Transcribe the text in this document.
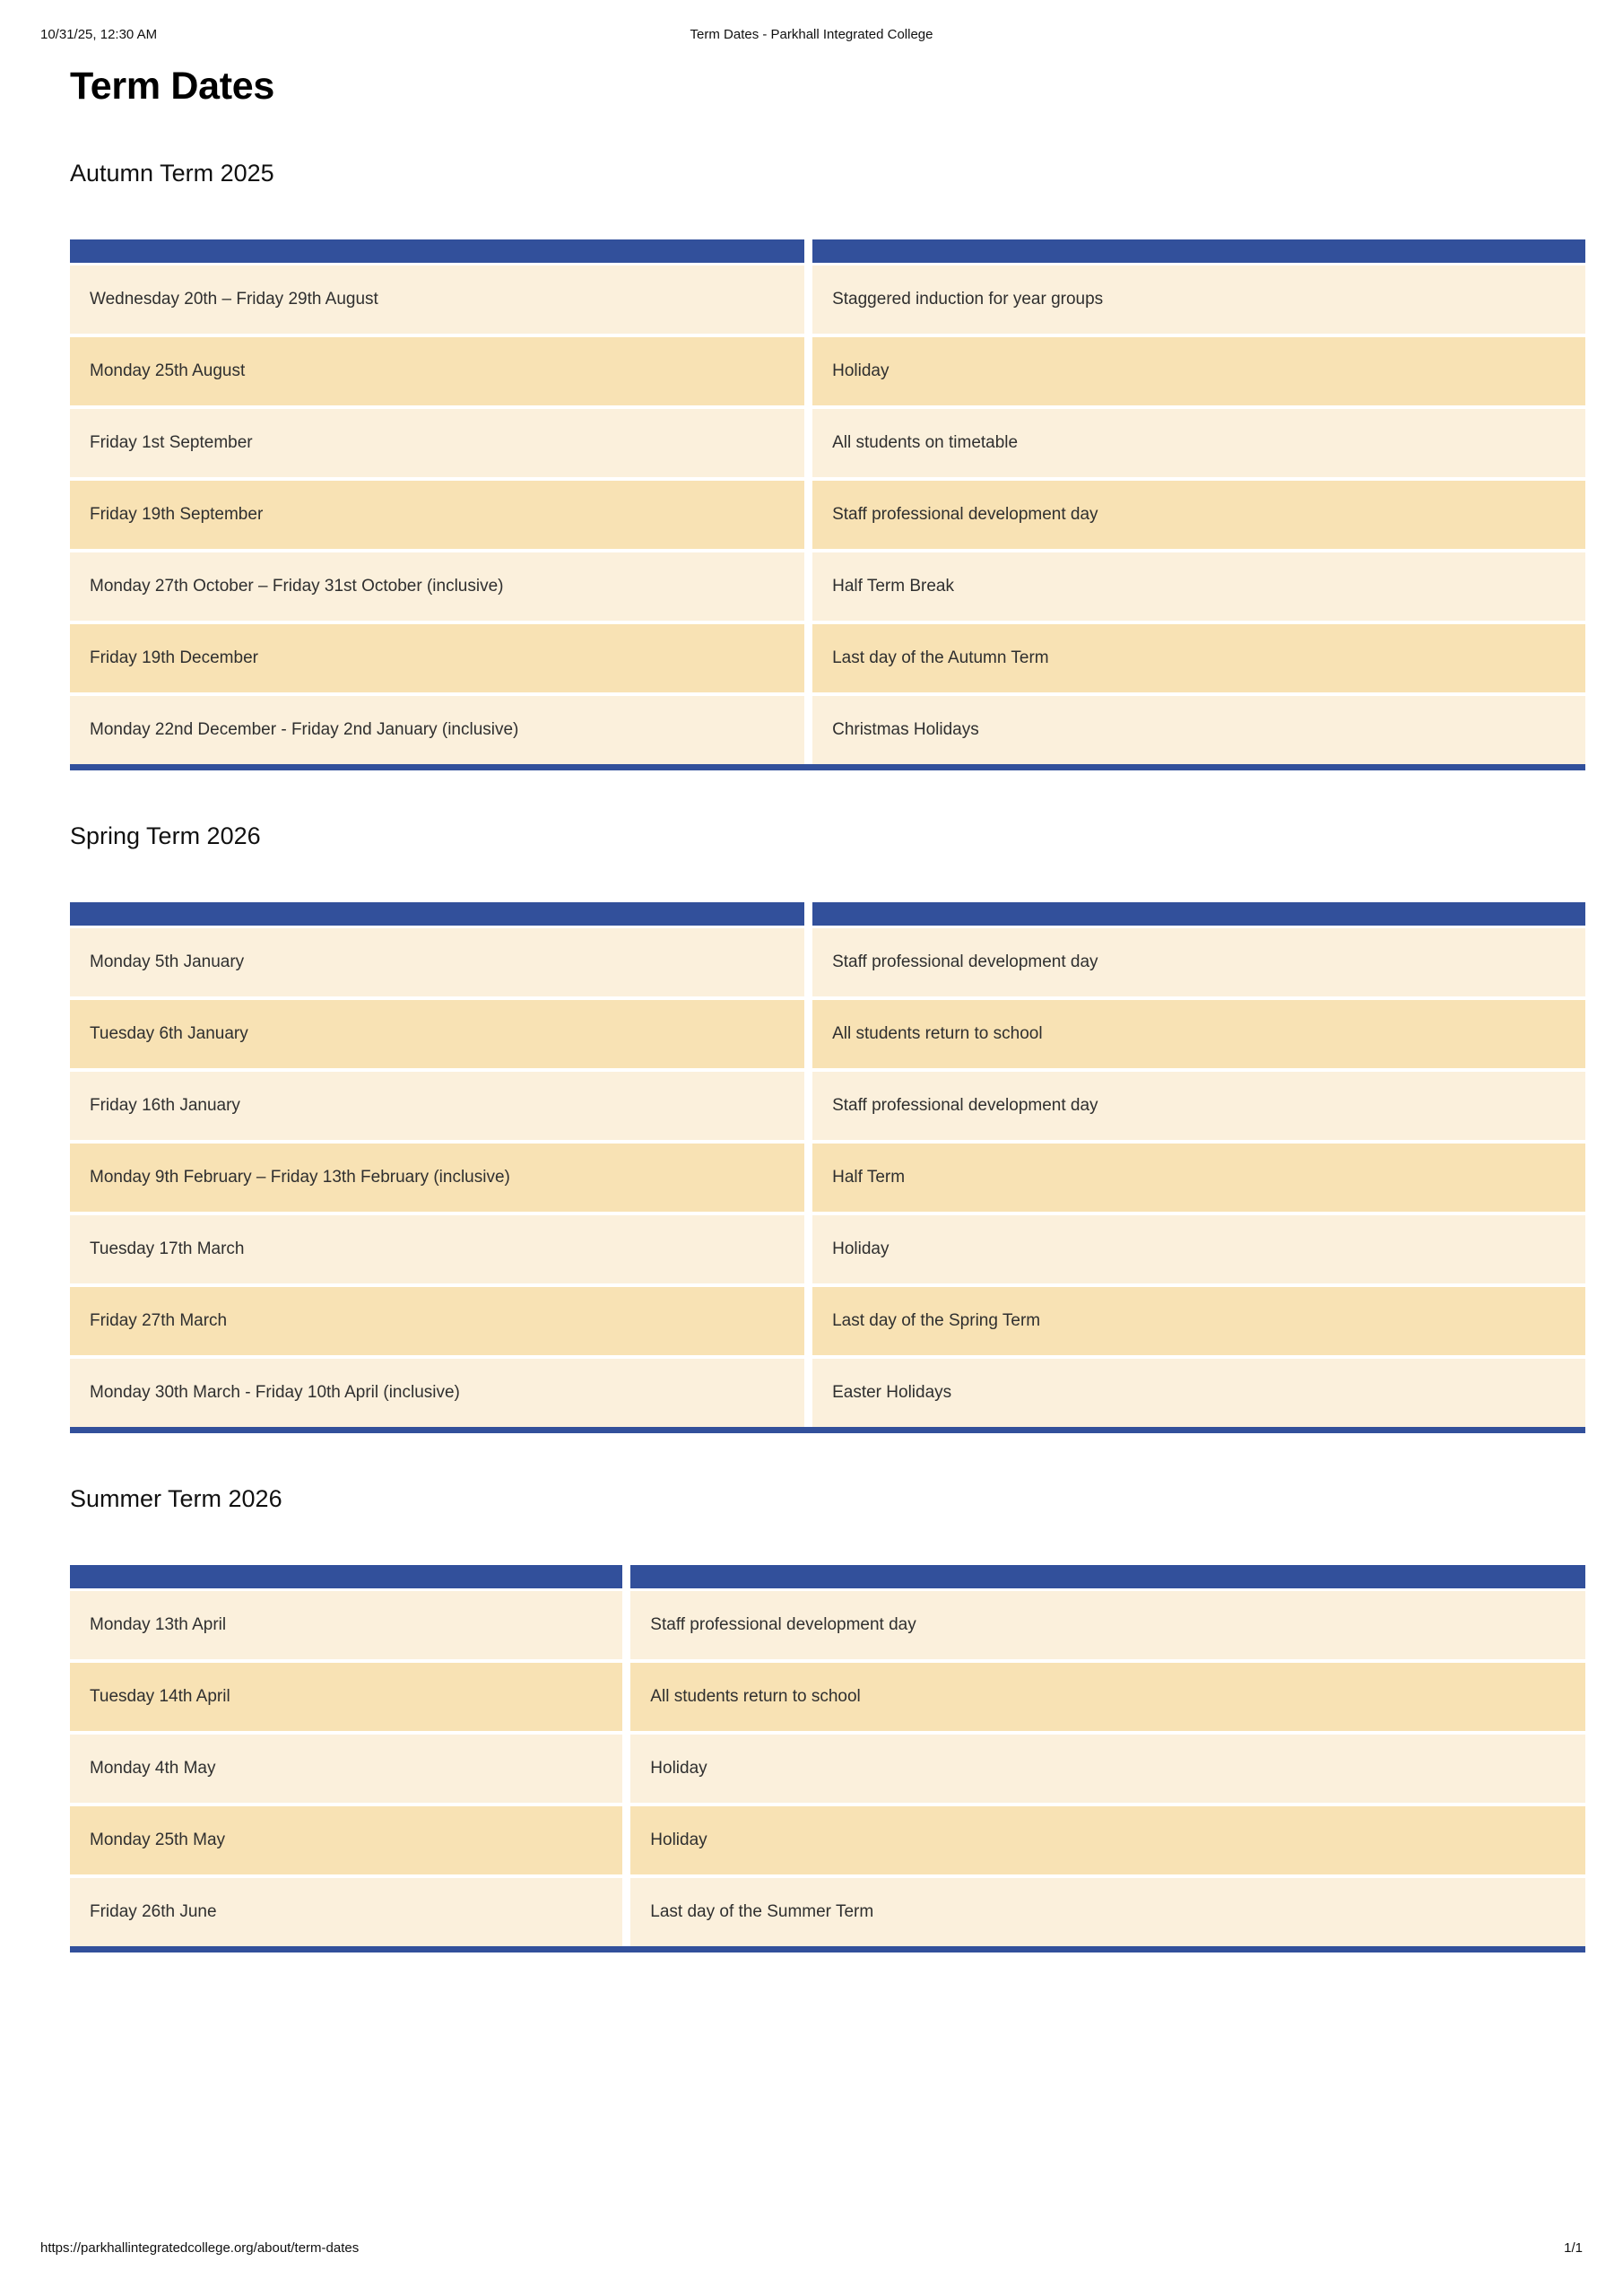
10/31/25, 12:30 AM	Term Dates - Parkhall Integrated College
Term Dates
Autumn Term 2025

Wednesday 20th – Friday 29th August	Staggered induction for year groups
Monday 25th August	Holiday
Friday 1st September	All students on timetable
Friday 19th September	Staff professional development day
Monday 27th October – Friday 31st October (inclusive)	Half Term Break
Friday 19th December	Last day of the Autumn Term
Monday 22nd December - Friday 2nd January (inclusive)	Christmas Holidays
Spring Term 2026

Monday 5th January	Staff professional development day
Tuesday 6th January	All students return to school
Friday 16th January	Staff professional development day
Monday 9th February – Friday 13th February (inclusive)	Half Term
Tuesday 17th March	Holiday
Friday 27th March	Last day of the Spring Term
Monday 30th March - Friday 10th April (inclusive)	Easter Holidays
Summer Term 2026

Monday 13th April	Staff professional development day
Tuesday 14th April	All students return to school
Monday 4th May	Holiday
Monday 25th May	Holiday
Friday 26th June	Last day of the Summer Term
https://parkhallintegratedcollege.org/about/term-dates	1/1
